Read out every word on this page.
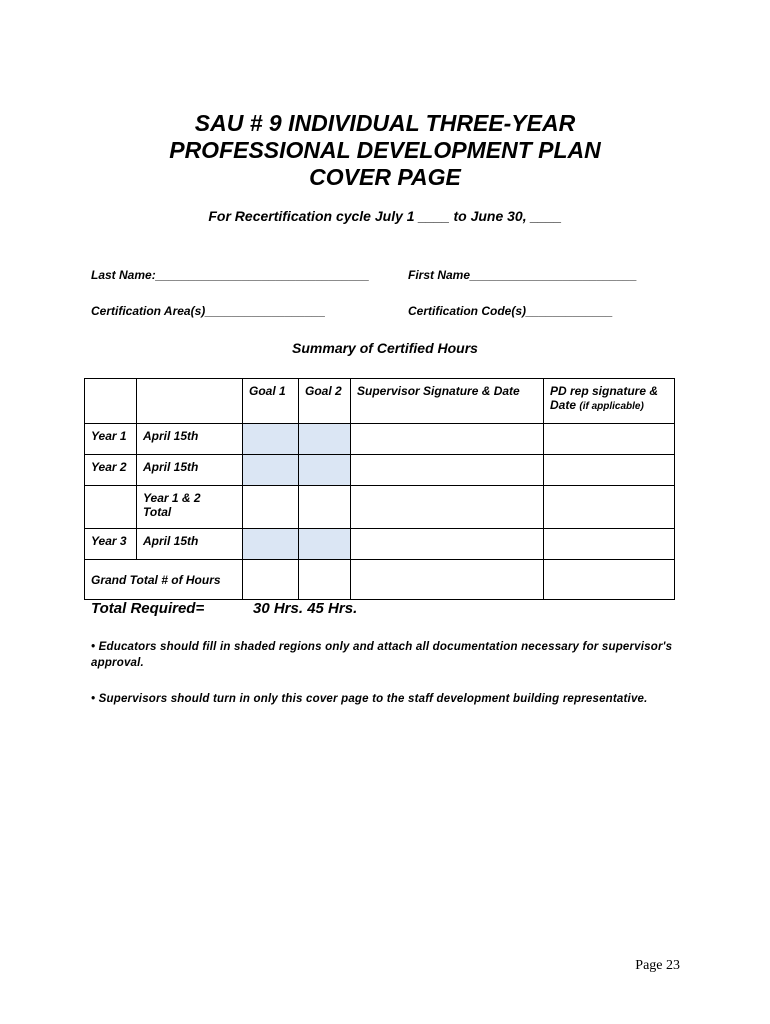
SAU # 9 INDIVIDUAL THREE-YEAR
PROFESSIONAL DEVELOPMENT PLAN
COVER PAGE
For Recertification cycle July 1 ____ to June 30, ____
Last Name:________________________________	First Name_________________________
Certification Area(s)__________________	Certification Code(s)_____________
Summary of Certified Hours
		Goal 1	Goal 2	Supervisor Signature & Date	PD rep signature &
Date (if applicable)
Year 1	April 15th				
Year 2	April 15th				
	Year 1 & 2
Total				
Year 3	April 15th				
Grand Total # of Hours					
Total Required=	30 Hrs. 45 Hrs.
• Educators should fill in shaded regions only and attach all documentation necessary for supervisor's approval.
• Supervisors should turn in only this cover page to the staff development building representative.
Page 23
